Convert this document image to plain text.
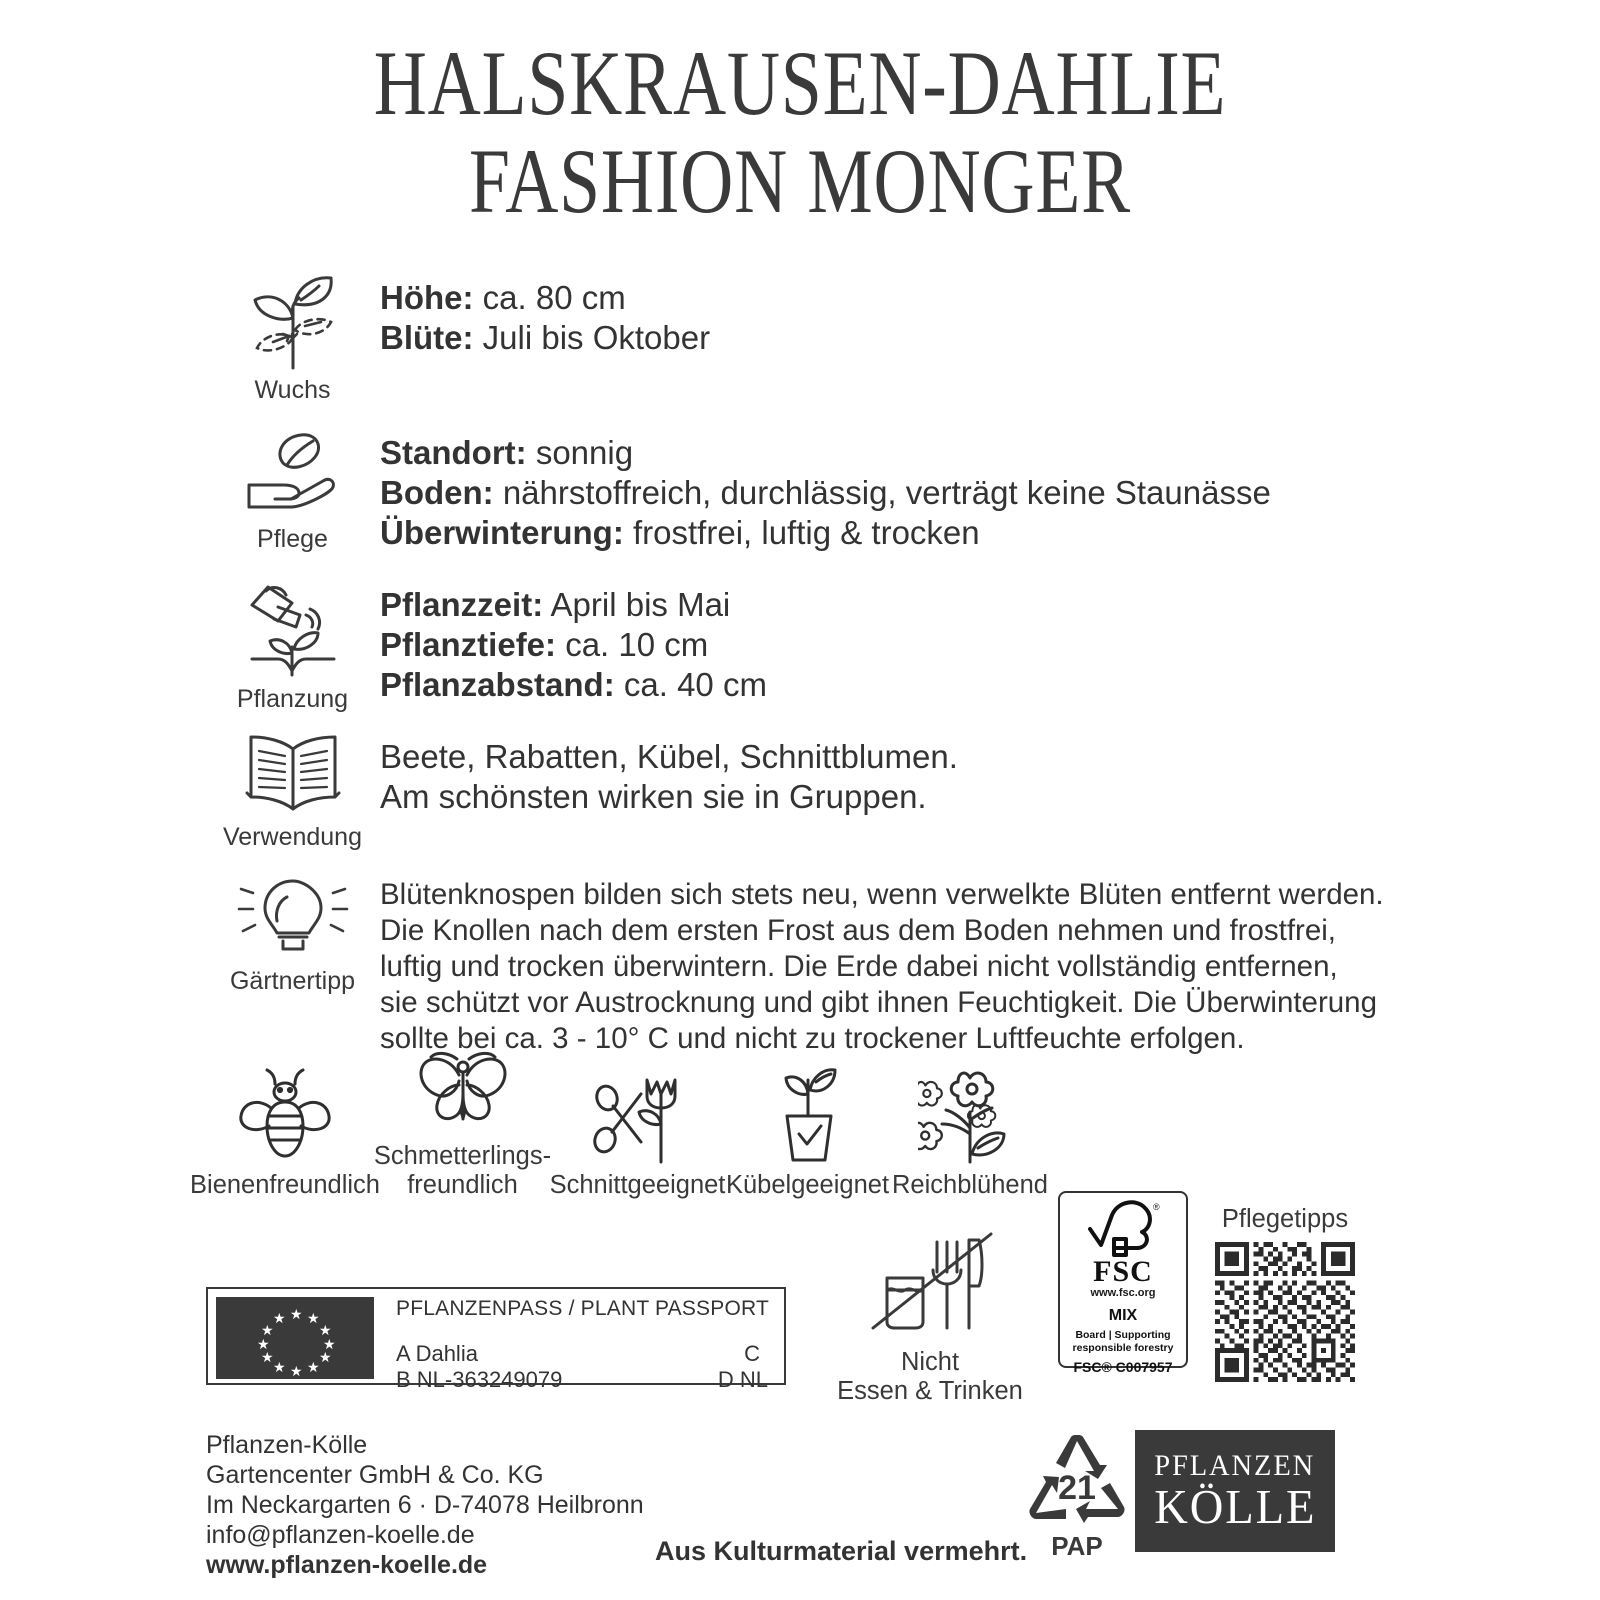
HALSKRAUSEN-DAHLIE
FASHION MONGER
Wuchs
Höhe: ca. 80 cm
Blüte: Juli bis Oktober
Pflege
Standort: sonnig
Boden: nährstoffreich, durchlässig, verträgt keine Staunässe
Überwinterung: frostfrei, luftig & trocken
Pflanzung
Pflanzzeit: April bis Mai
Pflanztiefe: ca. 10 cm
Pflanzabstand: ca. 40 cm
Verwendung
Beete, Rabatten, Kübel, Schnittblumen.
Am schönsten wirken sie in Gruppen.
Gärtnertipp
Blütenknospen bilden sich stets neu, wenn verwelkte Blüten entfernt werden.
Die Knollen nach dem ersten Frost aus dem Boden nehmen und frostfrei,
luftig und trocken überwintern. Die Erde dabei nicht vollständig entfernen,
sie schützt vor Austrocknung und gibt ihnen Feuchtigkeit. Die Überwinterung
sollte bei ca. 3 - 10° C und nicht zu trockener Luftfeuchte erfolgen.
Bienenfreundlich
Schmetterlings-
freundlich Schnittgeeignet Kübelgeeignet Reichblühend
★
★ ★
★	★
★	★
★	★
★ ★
★
PFLANZENPASS / PLANT PASSPORT
A Dahlia
B NL-363249079
C
D NL
Nicht
Essen & Trinken
®
FSC
www.fsc.org
MIX
Board | Supporting
responsible forestry
FSC® C007957
Pflegetipps
Pflanzen-Kölle
Gartencenter GmbH & Co. KG
Im Neckargarten 6 · D-74078 Heilbronn
info@pflanzen-koelle.de
www.pflanzen-koelle.de	Aus Kulturmaterial vermehrt.
21
PAP
PFLANZEN
KÖLLE
